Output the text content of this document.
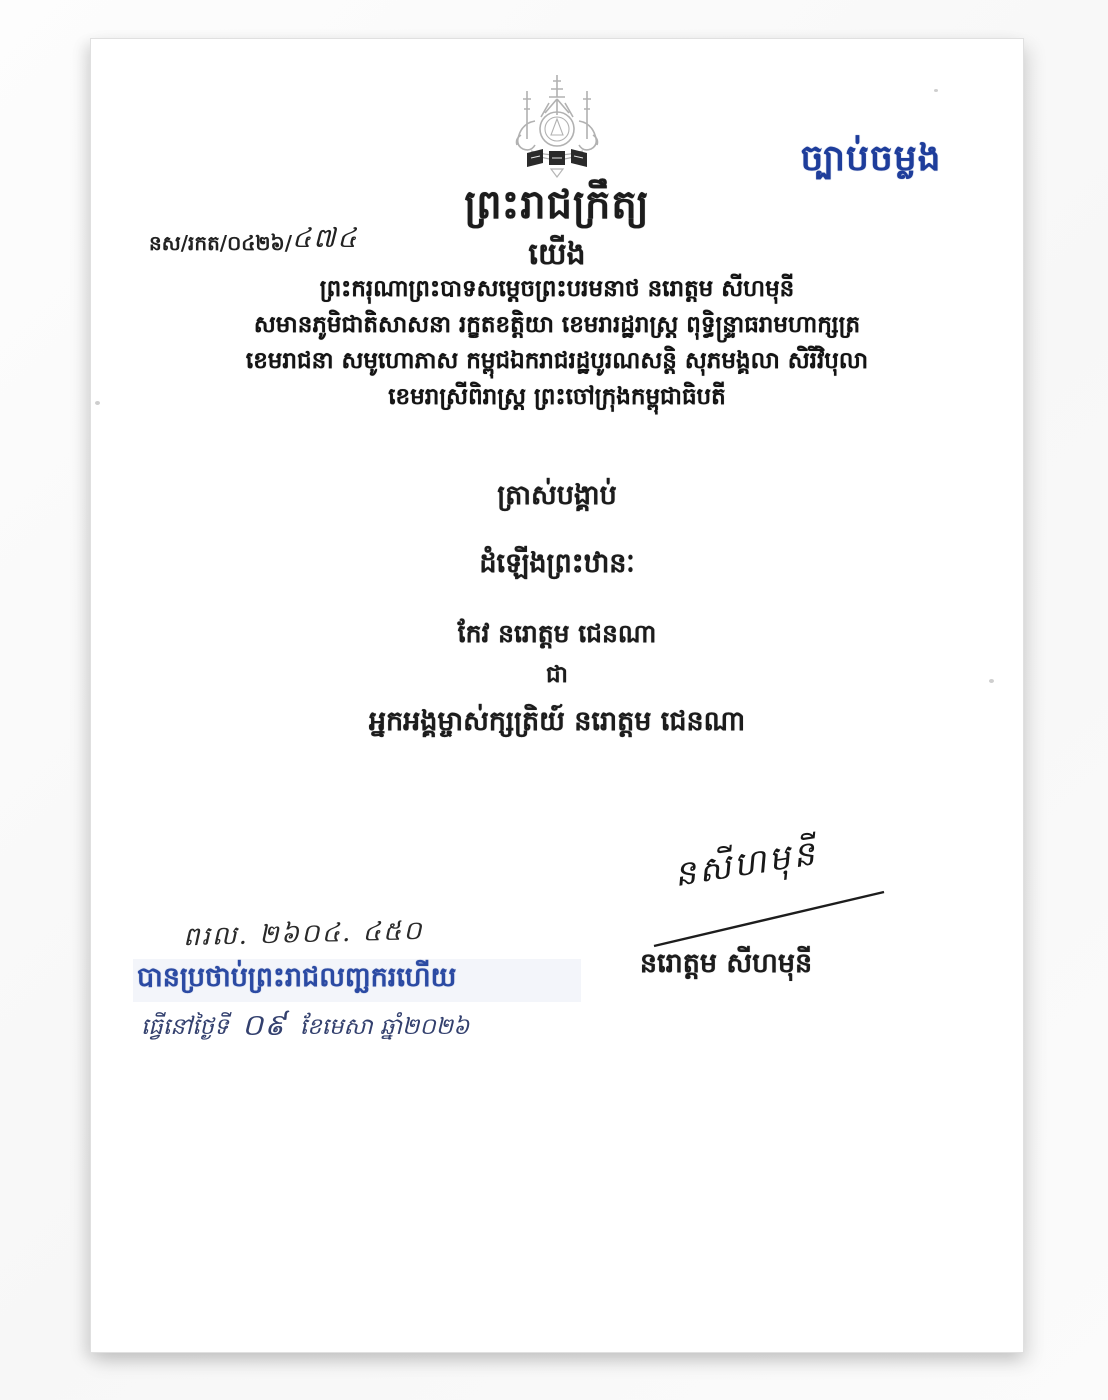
ច្បាប់ចម្លង
ព្រះរាជក្រឹត្យ
នស/រកត/០៤២៦/៤៧៤	យើង
ព្រះករុណាព្រះបាទសម្តេចព្រះបរមនាថ នរោត្តម សីហមុនី
សមានភូមិជាតិសាសនា រក្ខតខត្តិយា ខេមរារដ្ឋរាស្ត្រ ពុទ្ធិន្ទ្រាធរាមហាក្សត្រ
ខេមរាជនា សមូហោភាស កម្ពុជឯករាជរដ្ឋបូរណសន្តិ សុភមង្គលា សិរីវិបុលា
ខេមរាស្រីពិរាស្ត្រ ព្រះចៅក្រុងកម្ពុជាធិបតី
ត្រាស់បង្គាប់
ដំឡើងព្រះឋានៈ
កែវ នរោត្តម ជេនណា
ជា
អ្នកអង្គម្ចាស់ក្សត្រិយ៍ នរោត្តម ជេនណា
នសីហមុនី
នរោត្តម សីហមុនី
ពរល. ២៦០៤. ៤៥០
បានប្រថាប់ព្រះរាជលញ្ឆករហើយ
ធ្វើនៅថ្ងៃទី ០៩ ខែមេសា ឆ្នាំ២០២៦
